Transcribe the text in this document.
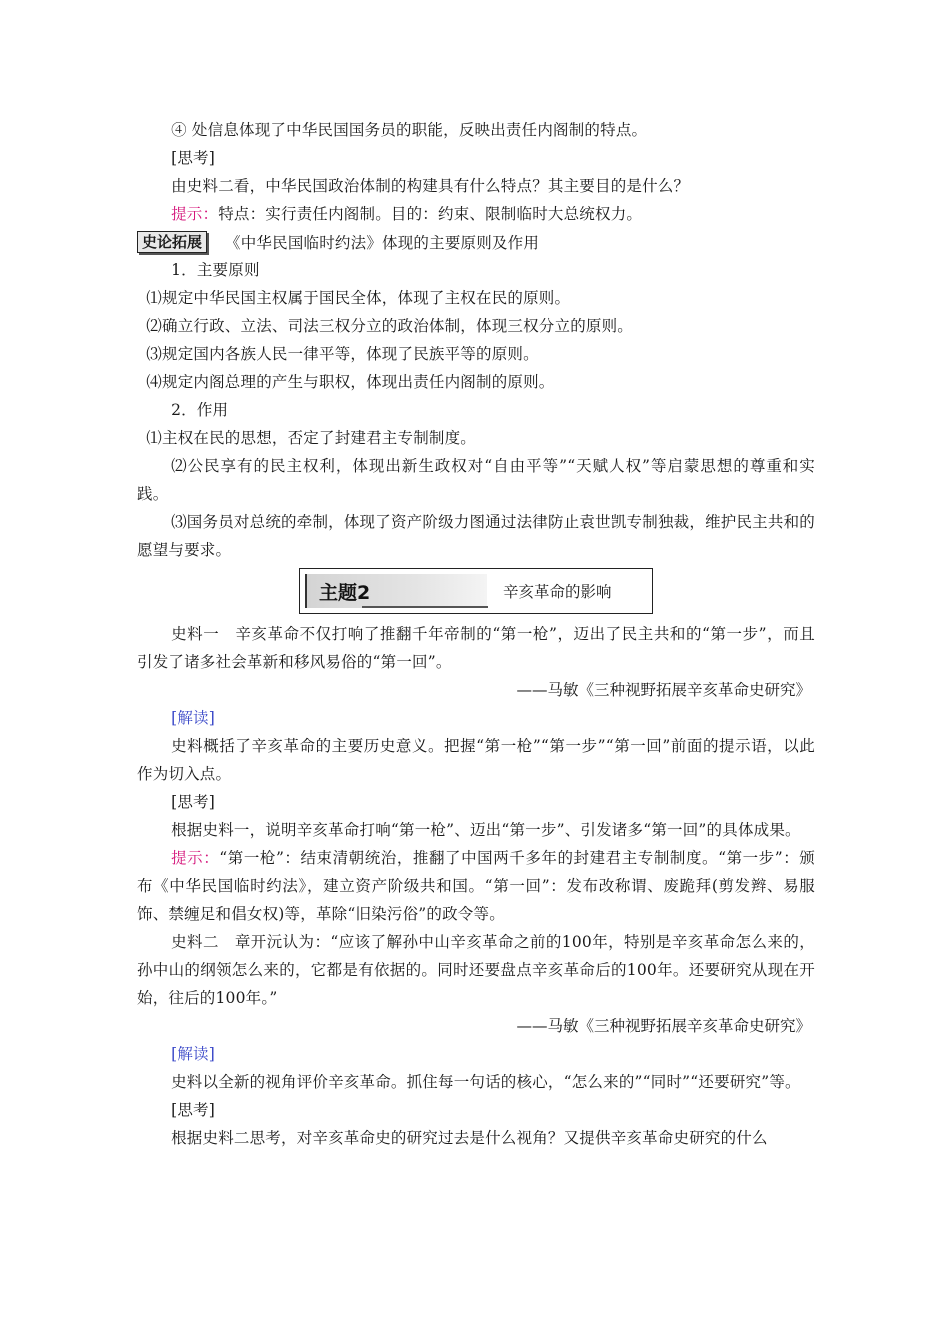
④ 处信息体现了中华民国国务员的职能，反映出责任内阁制的特点。

[思考]

由史料二看，中华民国政治体制的构建具有什么特点？其主要目的是什么？

提示：特点：实行责任内阁制。目的：约束、限制临时大总统权力。

史论拓展	《中华民国临时约法》体现的主要原则及作用

1．主要原则

⑴规定中华民国主权属于国民全体，体现了主权在民的原则。

⑵确立行政、立法、司法三权分立的政治体制，体现三权分立的原则。

⑶规定国内各族人民一律平等，体现了民族平等的原则。

⑷规定内阁总理的产生与职权，体现出责任内阁制的原则。

2．作用

⑴主权在民的思想，否定了封建君主专制制度。

⑵公民享有的民主权利，体现出新生政权对“自由平等”“天赋人权”等启蒙思想的尊重和实践。

⑶国务员对总统的牵制，体现了资产阶级力图通过法律防止袁世凯专制独裁，维护民主共和的愿望与要求。

主题2	辛亥革命的影响

史料一　辛亥革命不仅打响了推翻千年帝制的“第一枪”，迈出了民主共和的“第一步”，而且引发了诸多社会革新和移风易俗的“第一回”。

——马敏《三种视野拓展辛亥革命史研究》

[解读]

史料概括了辛亥革命的主要历史意义。把握“第一枪”“第一步”“第一回”前面的提示语，以此作为切入点。

[思考]

根据史料一，说明辛亥革命打响“第一枪”、迈出“第一步”、引发诸多“第一回”的具体成果。

提示：“第一枪”：结束清朝统治，推翻了中国两千多年的封建君主专制制度。“第一步”：颁布《中华民国临时约法》，建立资产阶级共和国。“第一回”：发布改称谓、废跪拜(剪发辫、易服饰、禁缠足和倡女权)等，革除“旧染污俗”的政令等。

史料二　章开沅认为：“应该了解孙中山辛亥革命之前的100年，特别是辛亥革命怎么来的，孙中山的纲领怎么来的，它都是有依据的。同时还要盘点辛亥革命后的100年。还要研究从现在开始，往后的100年。”

——马敏《三种视野拓展辛亥革命史研究》

[解读]

史料以全新的视角评价辛亥革命。抓住每一句话的核心，“怎么来的”“同时”“还要研究”等。

[思考]

根据史料二思考，对辛亥革命史的研究过去是什么视角？又提供辛亥革命史研究的什么
